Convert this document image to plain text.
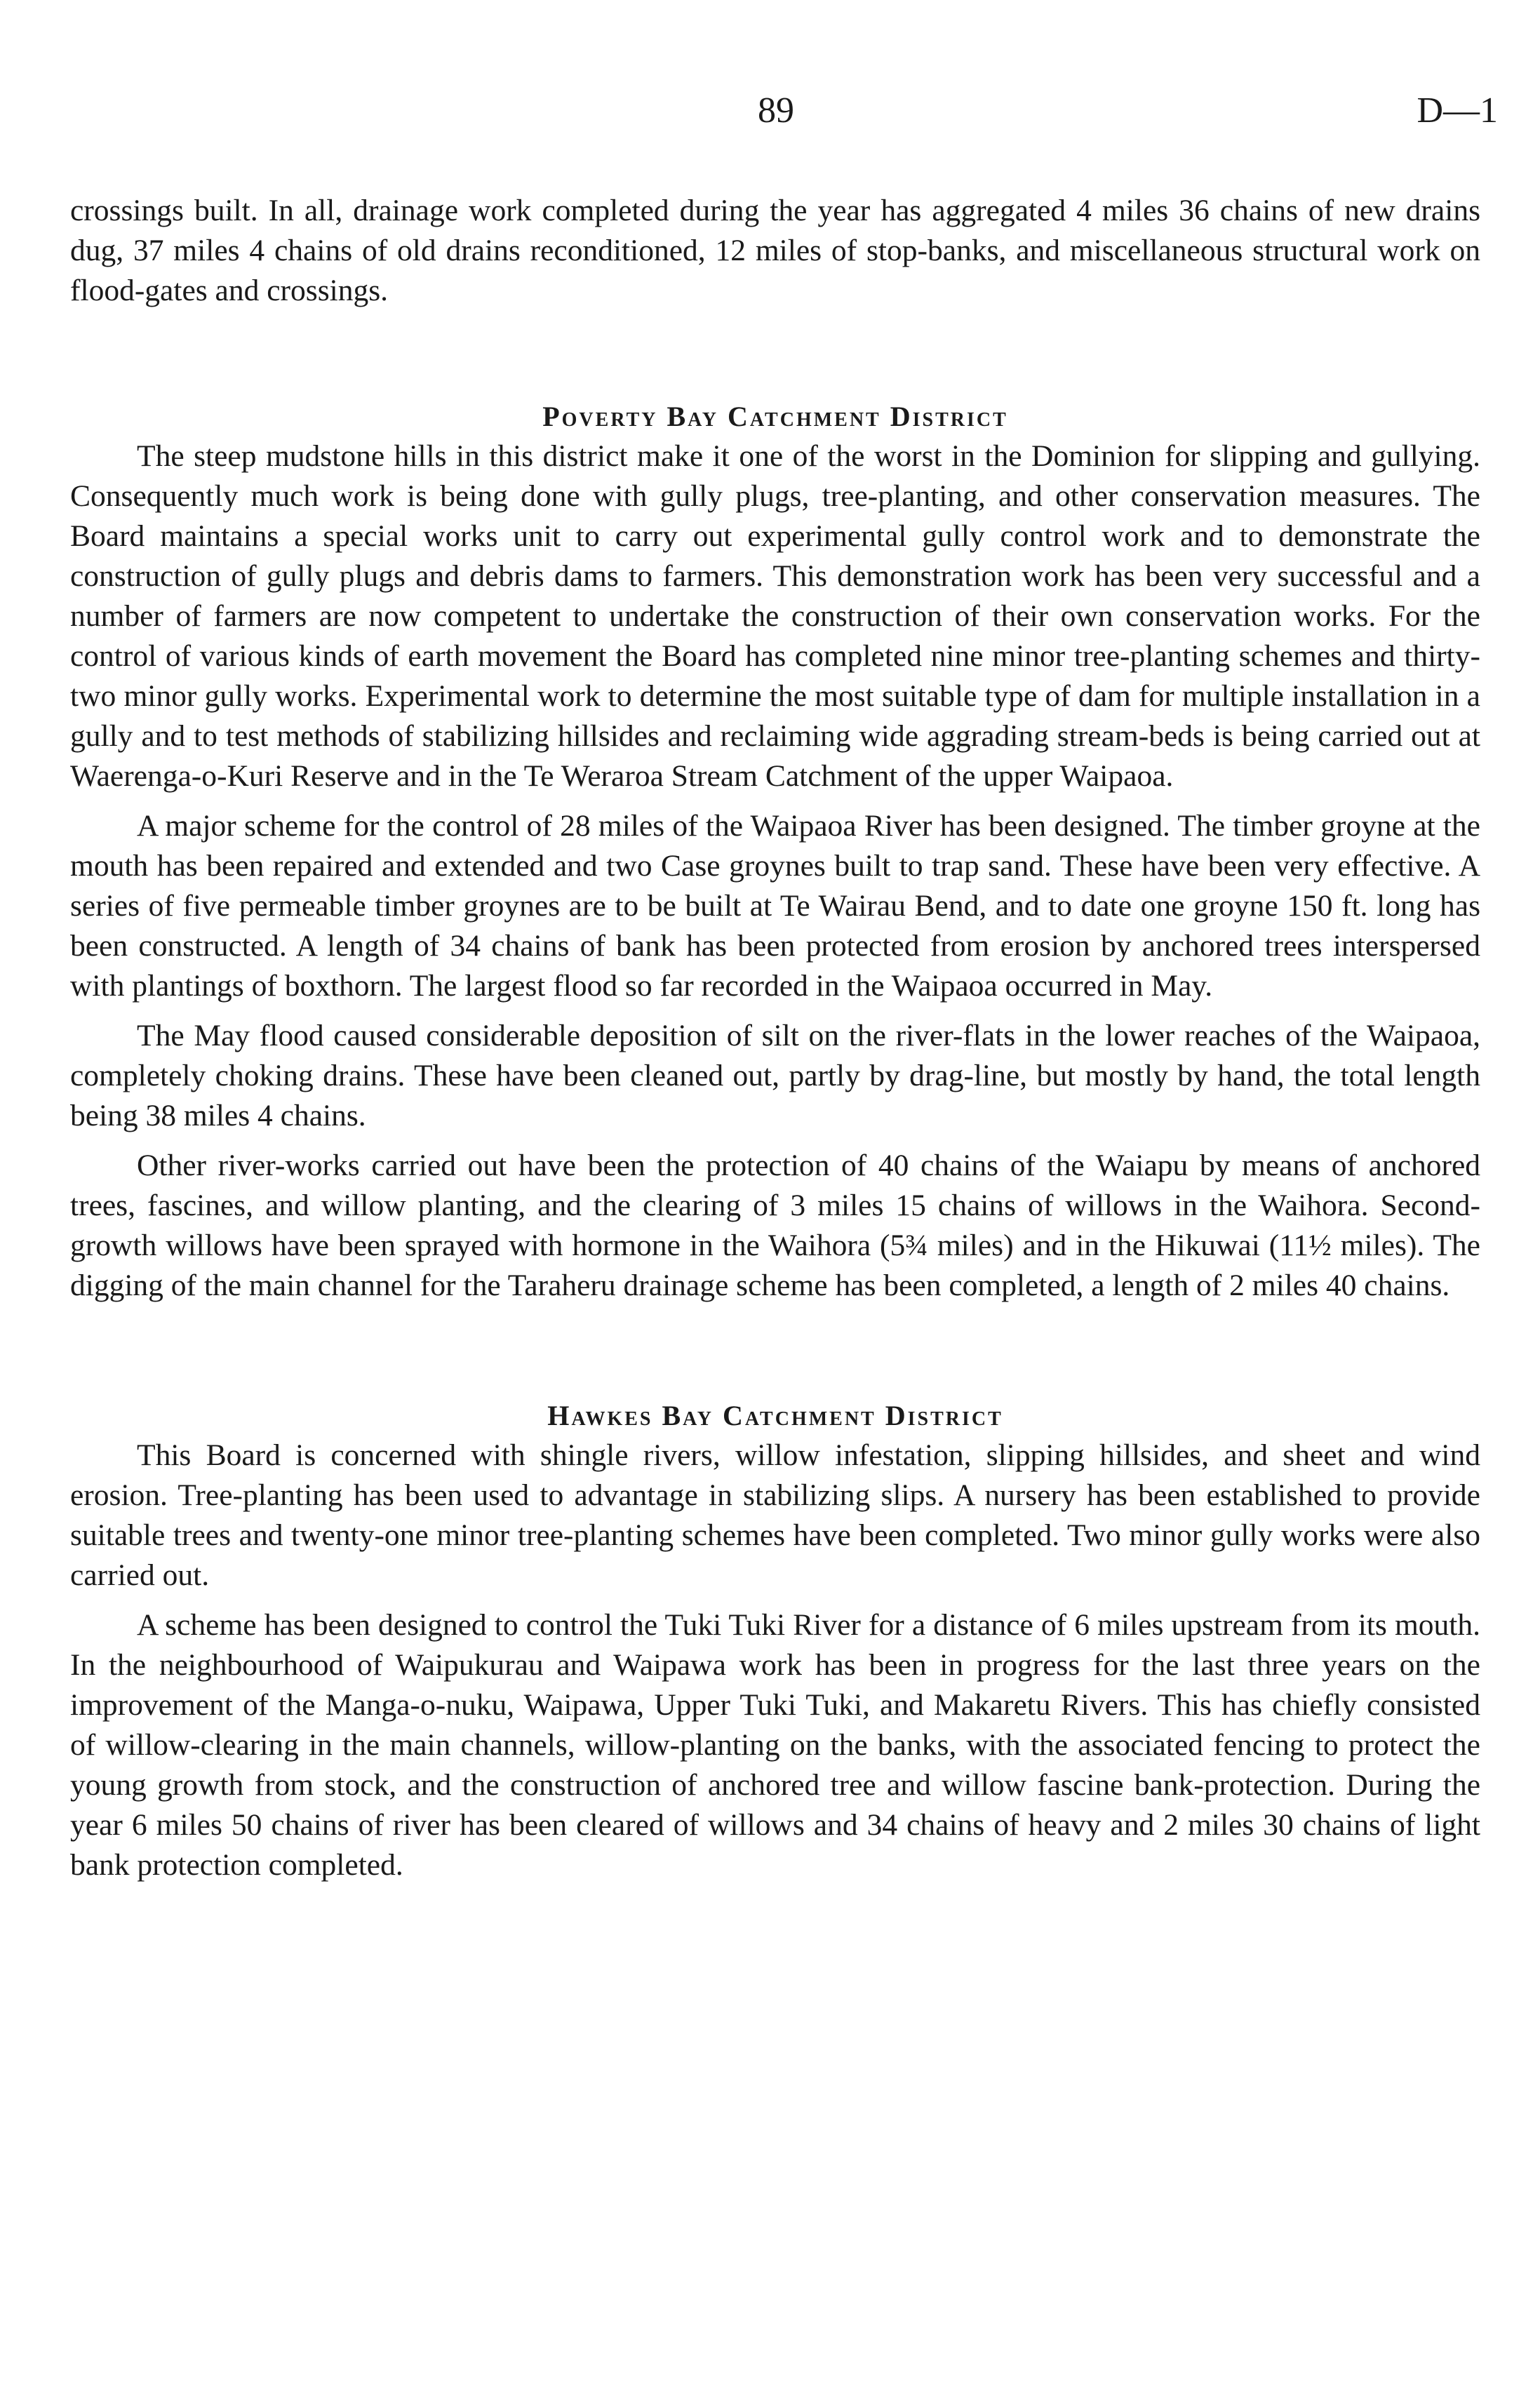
89	D—1

crossings built. In all, drainage work completed during the year has aggregated 4 miles 36 chains of new drains dug, 37 miles 4 chains of old drains reconditioned, 12 miles of stop-banks, and miscellaneous structural work on flood-gates and crossings.

Poverty Bay Catchment District

The steep mudstone hills in this district make it one of the worst in the Dominion for slipping and gullying. Consequently much work is being done with gully plugs, tree-planting, and other conservation measures. The Board maintains a special works unit to carry out experimental gully control work and to demonstrate the construction of gully plugs and debris dams to farmers. This demonstration work has been very successful and a number of farmers are now competent to undertake the construction of their own conservation works. For the control of various kinds of earth movement the Board has completed nine minor tree-planting schemes and thirty-two minor gully works. Experimental work to determine the most suitable type of dam for multiple installation in a gully and to test methods of stabilizing hillsides and reclaiming wide aggrading stream-beds is being carried out at Waerenga-o-Kuri Reserve and in the Te Weraroa Stream Catchment of the upper Waipaoa.

A major scheme for the control of 28 miles of the Waipaoa River has been designed. The timber groyne at the mouth has been repaired and extended and two Case groynes built to trap sand. These have been very effective. A series of five permeable timber groynes are to be built at Te Wairau Bend, and to date one groyne 150 ft. long has been constructed. A length of 34 chains of bank has been protected from erosion by anchored trees interspersed with plantings of boxthorn. The largest flood so far recorded in the Waipaoa occurred in May.

The May flood caused considerable deposition of silt on the river-flats in the lower reaches of the Waipaoa, completely choking drains. These have been cleaned out, partly by drag-line, but mostly by hand, the total length being 38 miles 4 chains.

Other river-works carried out have been the protection of 40 chains of the Waiapu by means of anchored trees, fascines, and willow planting, and the clearing of 3 miles 15 chains of willows in the Waihora. Second-growth willows have been sprayed with hormone in the Waihora (5¾ miles) and in the Hikuwai (11½ miles). The digging of the main channel for the Taraheru drainage scheme has been completed, a length of 2 miles 40 chains.

Hawkes Bay Catchment District

This Board is concerned with shingle rivers, willow infestation, slipping hillsides, and sheet and wind erosion. Tree-planting has been used to advantage in stabilizing slips. A nursery has been established to provide suitable trees and twenty-one minor tree-planting schemes have been completed. Two minor gully works were also carried out.

A scheme has been designed to control the Tuki Tuki River for a distance of 6 miles upstream from its mouth. In the neighbourhood of Waipukurau and Waipawa work has been in progress for the last three years on the improvement of the Manga-o-nuku, Waipawa, Upper Tuki Tuki, and Makaretu Rivers. This has chiefly consisted of willow-clearing in the main channels, willow-planting on the banks, with the associated fencing to protect the young growth from stock, and the construction of anchored tree and willow fascine bank-protection. During the year 6 miles 50 chains of river has been cleared of willows and 34 chains of heavy and 2 miles 30 chains of light bank protection completed.
